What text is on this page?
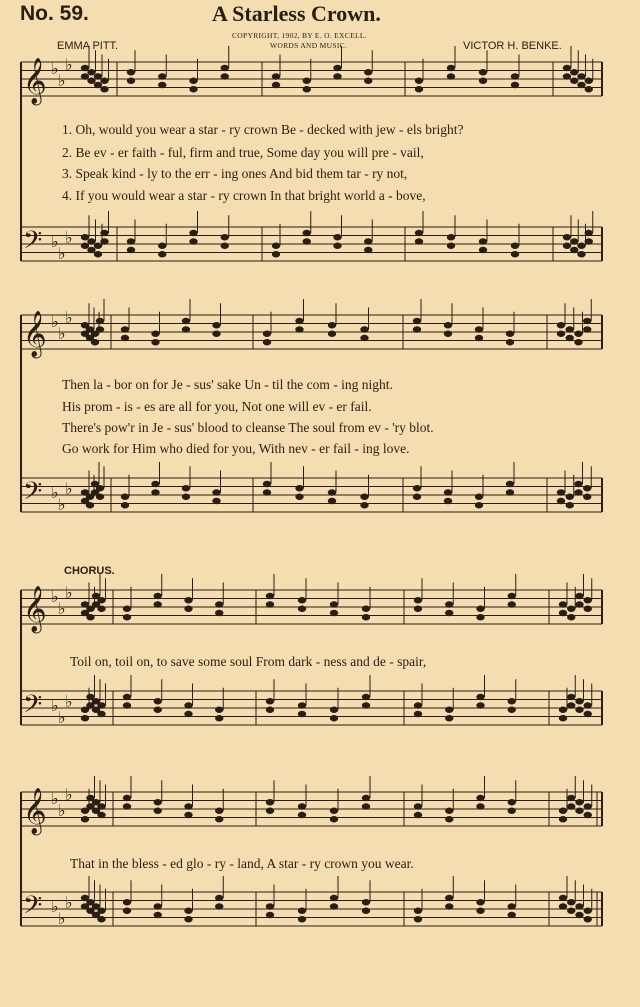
No. 59.	A Starless Crown.
COPYRIGHT, 1902, BY E. O. EXCELL.
WORDS AND MUSIC.
EMMA PITT.	VICTOR H. BENKE.
𝄞 ♭
♭
♭
𝄢 ♭
♭
♭
𝄞 ♭
♭
♭
𝄢 ♭
♭
♭
𝄞 ♭
♭
♭
𝄢 ♭
♭
♭
𝄞 ♭
♭
♭
𝄢 ♭
♭
♭
1. Oh, would you wear a star - ry crown Be - decked with jew - els bright?
2. Be ev - er faith - ful, firm and true, Some day you will pre - vail,
3. Speak kind - ly to the err - ing ones And bid them tar - ry not,
4. If you would wear a star - ry crown In that bright world a - bove,
Then la - bor on for Je - sus' sake Un - til the com - ing night.
His prom - is - es are all for you, Not one will ev - er fail.
There's pow'r in Je - sus' blood to cleanse The soul from ev - 'ry blot.
Go work for Him who died for you, With nev - er fail - ing love.
CHORUS.
Toil on, toil on, to save some soul From dark - ness and de - spair,
That in the bless - ed glo - ry - land, A star - ry crown you wear.
